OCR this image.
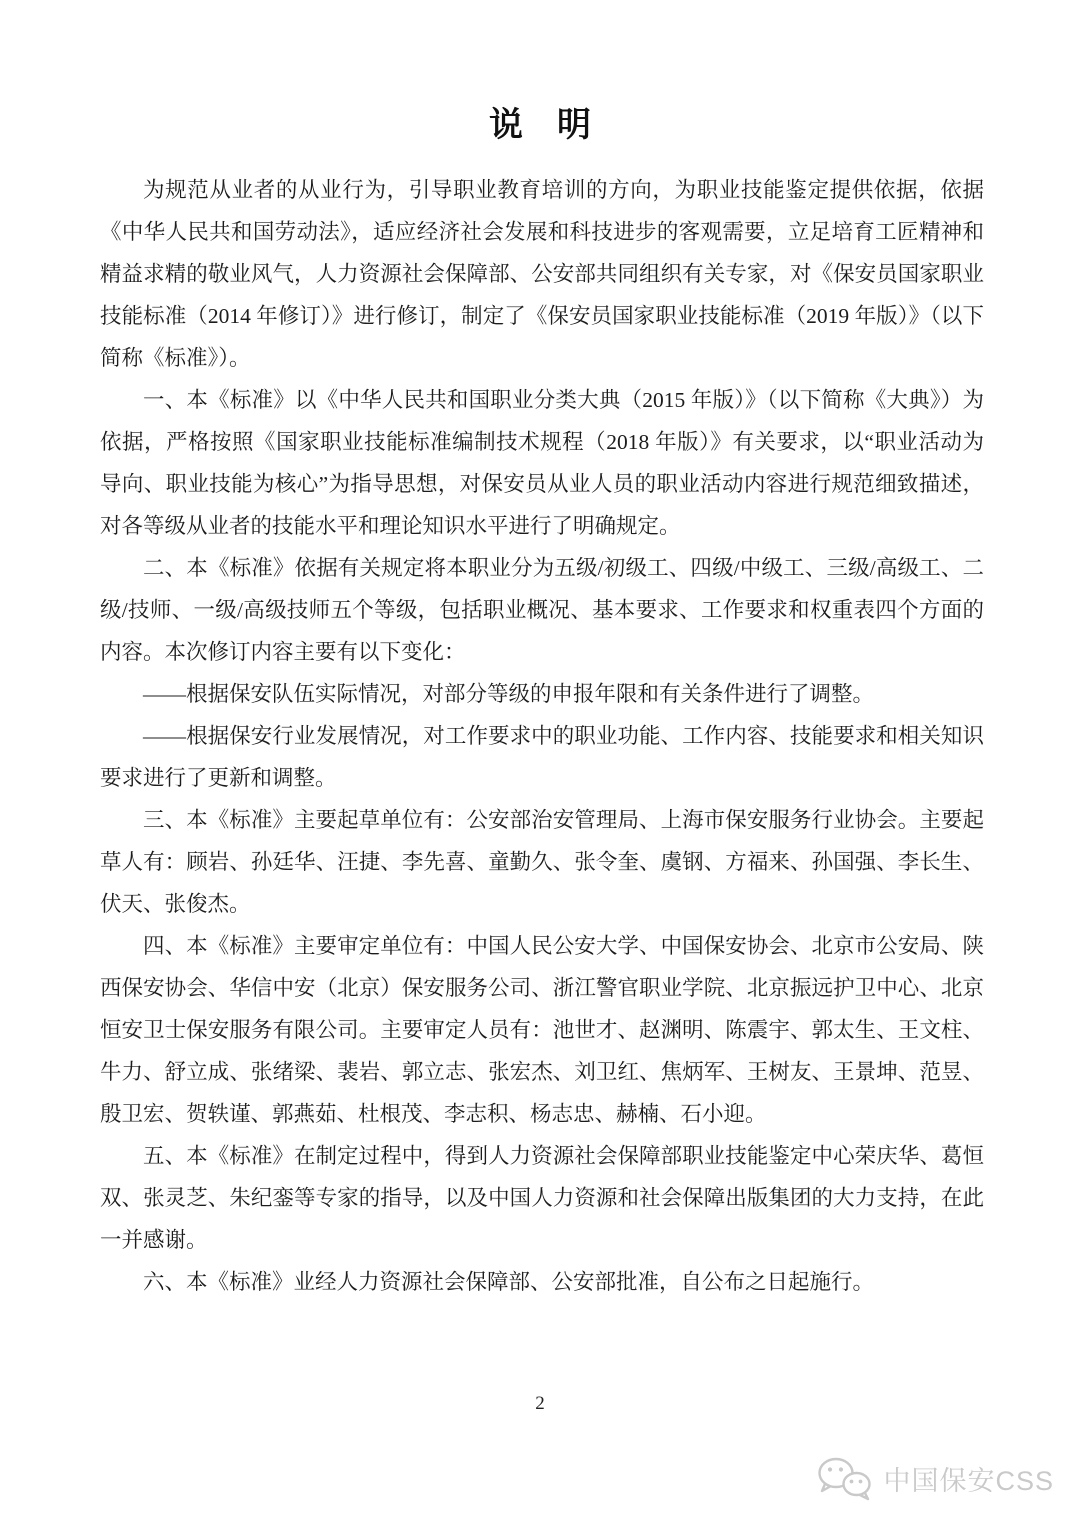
说　明

为规范从业者的从业行为，引导职业教育培训的方向，为职业技能鉴定提供依据，依据《中华人民共和国劳动法》，适应经济社会发展和科技进步的客观需要，立足培育工匠精神和精益求精的敬业风气，人力资源社会保障部、公安部共同组织有关专家，对《保安员国家职业技能标准（2014 年修订）》进行修订，制定了《保安员国家职业技能标准（2019 年版）》（以下简称《标准》）。

一、本《标准》以《中华人民共和国职业分类大典（2015 年版）》（以下简称《大典》）为依据，严格按照《国家职业技能标准编制技术规程（2018 年版）》有关要求，以“职业活动为导向、职业技能为核心”为指导思想，对保安员从业人员的职业活动内容进行规范细致描述，对各等级从业者的技能水平和理论知识水平进行了明确规定。

二、本《标准》依据有关规定将本职业分为五级/初级工、四级/中级工、三级/高级工、二级/技师、一级/高级技师五个等级，包括职业概况、基本要求、工作要求和权重表四个方面的内容。本次修订内容主要有以下变化：

——根据保安队伍实际情况，对部分等级的申报年限和有关条件进行了调整。

——根据保安行业发展情况，对工作要求中的职业功能、工作内容、技能要求和相关知识要求进行了更新和调整。

三、本《标准》主要起草单位有：公安部治安管理局、上海市保安服务行业协会。主要起草人有：顾岩、孙廷华、汪捷、李先喜、童勤久、张令奎、虞钢、方福来、孙国强、李长生、伏天、张俊杰。

四、本《标准》主要审定单位有：中国人民公安大学、中国保安协会、北京市公安局、陕西保安协会、华信中安（北京）保安服务公司、浙江警官职业学院、北京振远护卫中心、北京恒安卫士保安服务有限公司。主要审定人员有：池世才、赵渊明、陈震宇、郭太生、王文柱、牛力、舒立成、张绪梁、裴岩、郭立志、张宏杰、刘卫红、焦炳军、王树友、王景坤、范昱、殷卫宏、贺轶谨、郭燕茹、杜根茂、李志积、杨志忠、赫楠、石小迎。

五、本《标准》在制定过程中，得到人力资源社会保障部职业技能鉴定中心荣庆华、葛恒双、张灵芝、朱纪銮等专家的指导，以及中国人力资源和社会保障出版集团的大力支持，在此一并感谢。

六、本《标准》业经人力资源社会保障部、公安部批准，自公布之日起施行。

2
中国保安CSS
